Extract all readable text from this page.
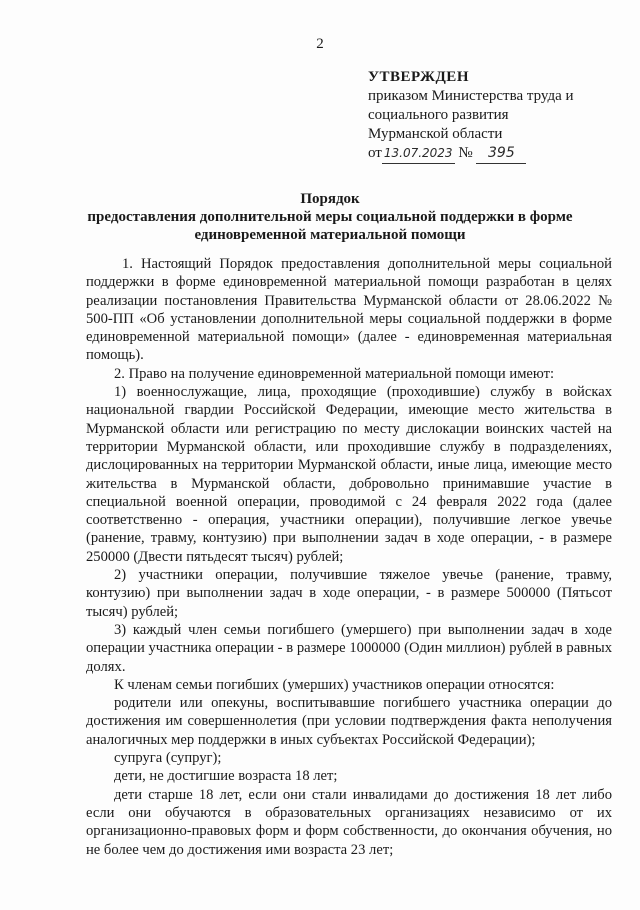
2
УТВЕРЖДЕН
приказом Министерства труда и
социального развития
Мурманской области
от 13.07.2023 № 395
Порядок
предоставления дополнительной меры социальной поддержки в форме
единовременной материальной помощи

1. Настоящий Порядок предоставления дополнительной меры социальной поддержки в форме единовременной материальной помощи разработан в целях реализации постановления Правительства Мурманской области от 28.06.2022 № 500-ПП «Об установлении дополнительной меры социальной поддержки в форме единовременной материальной помощи» (далее - единовременная материальная помощь).

2. Право на получение единовременной материальной помощи имеют:

1) военнослужащие, лица, проходящие (проходившие) службу в войсках национальной гвардии Российской Федерации, имеющие место жительства в Мурманской области или регистрацию по месту дислокации воинских частей на территории Мурманской области, или проходившие службу в подразделениях, дислоцированных на территории Мурманской области, иные лица, имеющие место жительства в Мурманской области, добровольно принимавшие участие в специальной военной операции, проводимой с 24 февраля 2022 года (далее соответственно - операция, участники операции), получившие легкое увечье (ранение, травму, контузию) при выполнении задач в ходе операции, - в размере 250000 (Двести пятьдесят тысяч) рублей;

2) участники операции, получившие тяжелое увечье (ранение, травму, контузию) при выполнении задач в ходе операции, - в размере 500000 (Пятьсот тысяч) рублей;

3) каждый член семьи погибшего (умершего) при выполнении задач в ходе операции участника операции - в размере 1000000 (Один миллион) рублей в равных долях.

К членам семьи погибших (умерших) участников операции относятся:

родители или опекуны, воспитывавшие погибшего участника операции до достижения им совершеннолетия (при условии подтверждения факта неполучения аналогичных мер поддержки в иных субъектах Российской Федерации);

супруга (супруг);

дети, не достигшие возраста 18 лет;

дети старше 18 лет, если они стали инвалидами до достижения 18 лет либо если они обучаются в образовательных организациях независимо от их организационно-правовых форм и форм собственности, до окончания обучения, но не более чем до достижения ими возраста 23 лет;
